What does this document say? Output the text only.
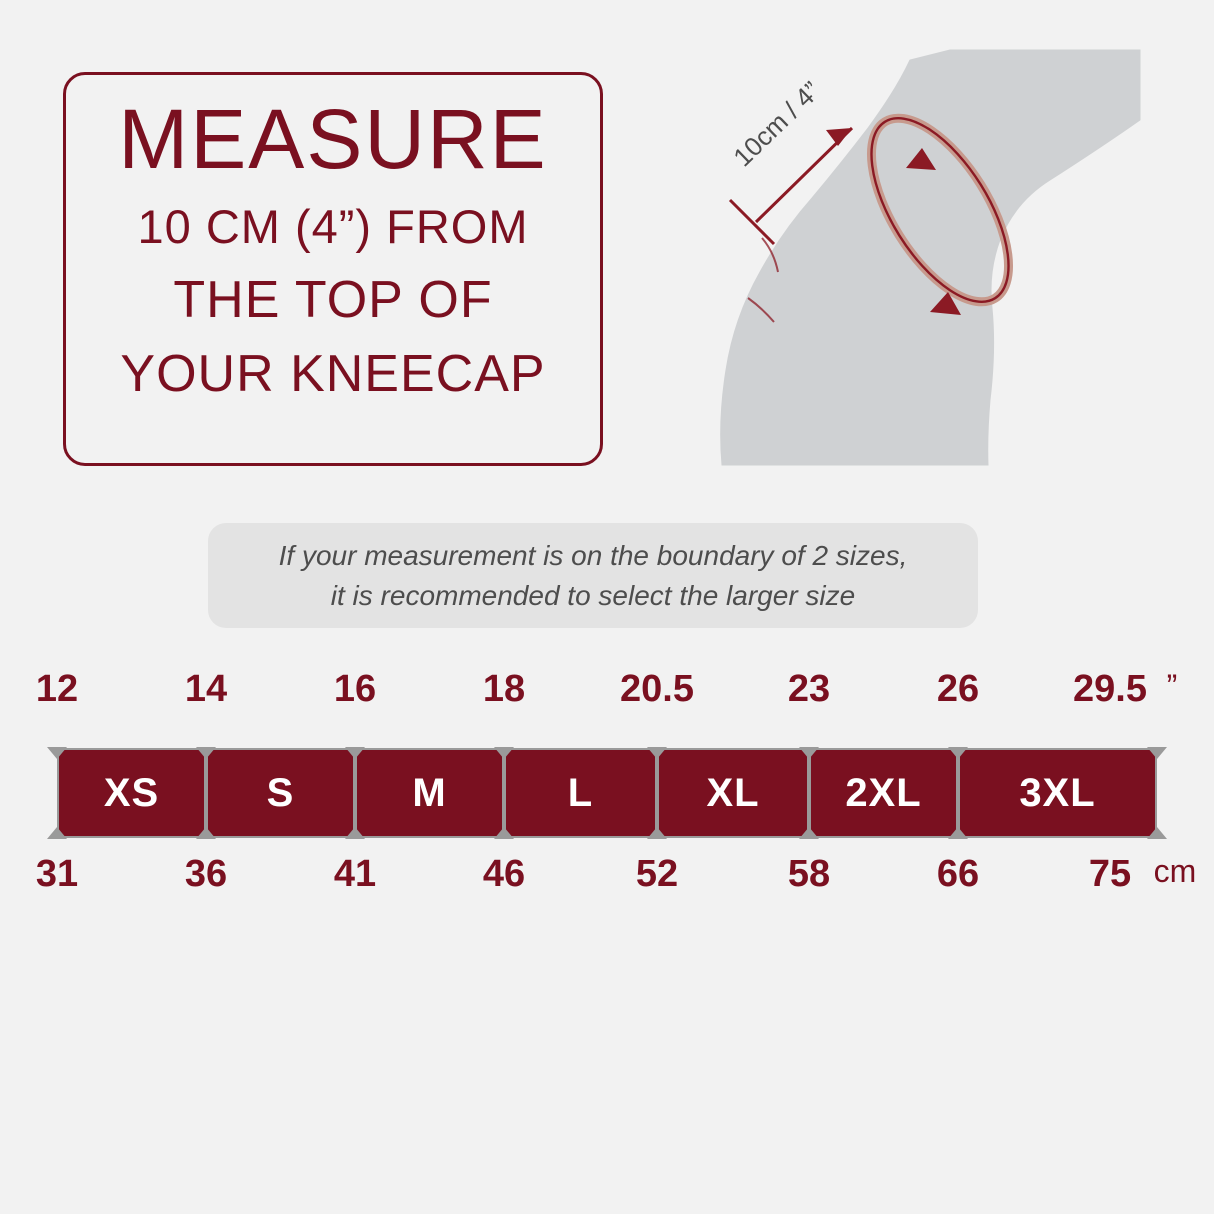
MEASURE
10 CM (4”) FROM
THE TOP OF
YOUR KNEECAP
10cm / 4”
If your measurement is on the boundary of 2 sizes,
it is recommended to select the larger size
12	14	16	18 20.5 23	26 29.5 ”
XS	S	M	L	XL 2XL 3XL
31	36	41	46	52	58	66	75 cm
